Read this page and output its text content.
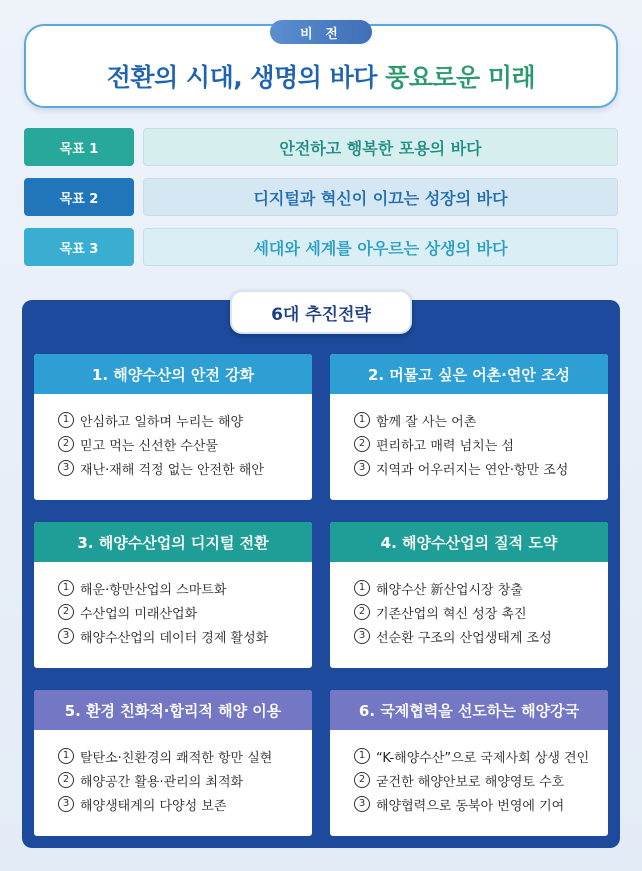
비 전
전환의 시대, 생명의 바다 풍요로운 미래
목표 1	안전하고 행복한 포용의 바다
목표 2	디지털과 혁신이 이끄는 성장의 바다
목표 3	세대와 세계를 아우르는 상생의 바다
6대 추진전략
1. 해양수산의 안전 강화
1 안심하고 일하며 누리는 해양
2 믿고 먹는 신선한 수산물
3 재난·재해 걱정 없는 안전한 해안
2. 머물고 싶은 어촌·연안 조성
1 함께 잘 사는 어촌
2 편리하고 매력 넘치는 섬
3 지역과 어우러지는 연안·항만 조성
3. 해양수산업의 디지털 전환
1 해운·항만산업의 스마트화
2 수산업의 미래산업화
3 해양수산업의 데이터 경제 활성화
4. 해양수산업의 질적 도약
1 해양수산 新산업시장 창출
2 기존산업의 혁신 성장 촉진
3 선순환 구조의 산업생태계 조성
5. 환경 친화적·합리적 해양 이용
1 탈탄소·친환경의 쾌적한 항만 실현
2 해양공간 활용·관리의 최적화
3 해양생태계의 다양성 보존
6. 국제협력을 선도하는 해양강국
1 “K-해양수산”으로 국제사회 상생 견인
2 굳건한 해양안보로 해양영토 수호
3 해양협력으로 동북아 번영에 기여
